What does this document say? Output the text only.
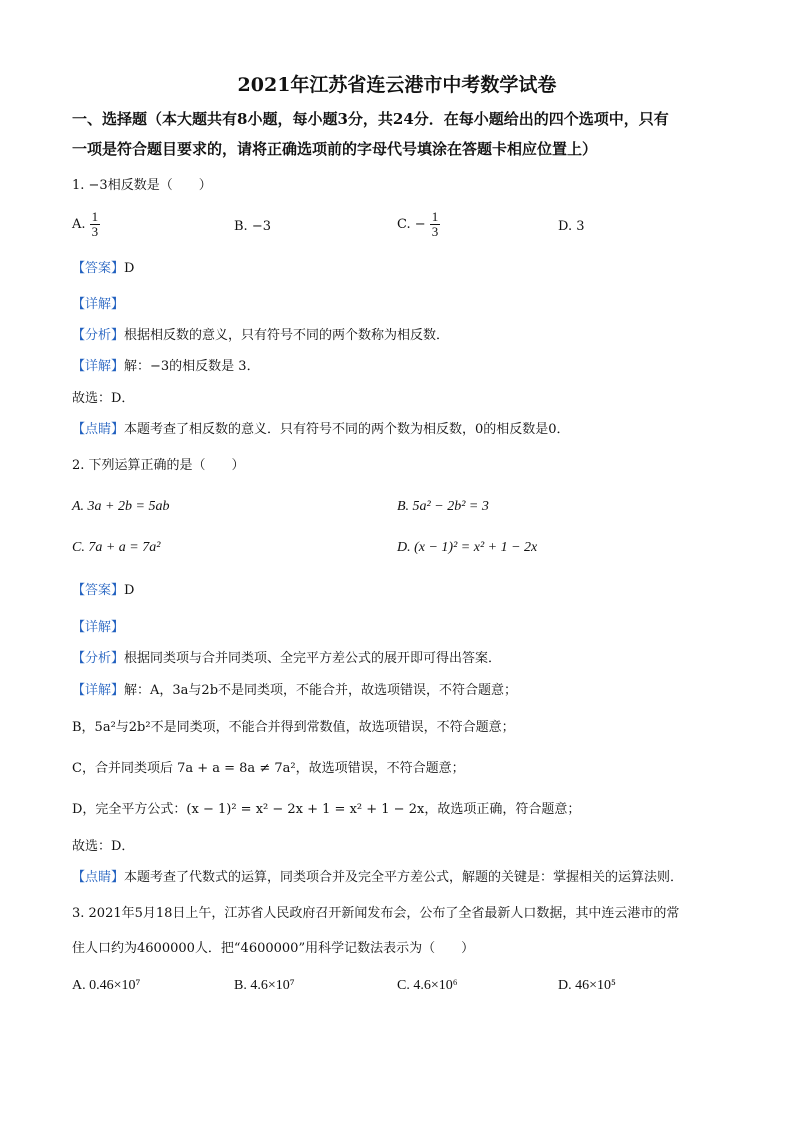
2021年江苏省连云港市中考数学试卷
一、选择题（本大题共有8小题，每小题3分，共24分．在每小题给出的四个选项中，只有
一项是符合题目要求的，请将正确选项前的字母代号填涂在答题卡相应位置上）
1. −3相反数是（　　）
A. $\frac{1}{3}$	B. −3	C. − $\frac{1}{3}$	D. 3
【答案】D
【详解】
【分析】根据相反数的意义，只有符号不同的两个数称为相反数．
【详解】解：−3的相反数是 3．
故选：D．
【点睛】本题考查了相反数的意义．只有符号不同的两个数为相反数，0的相反数是0．
2. 下列运算正确的是（　　）
A. 3a + 2b = 5ab	B. 5a² − 2b² = 3
C. 7a + a = 7a²	D. (x − 1)² = x² + 1 − 2x
【答案】D
【详解】
【分析】根据同类项与合并同类项、全完平方差公式的展开即可得出答案．
【详解】解：A，3a与2b不是同类项，不能合并，故选项错误，不符合题意；
B，5a²与2b²不是同类项，不能合并得到常数值，故选项错误，不符合题意；
C，合并同类项后 7a + a = 8a ≠ 7a²，故选项错误，不符合题意；
D，完全平方公式：(x − 1)² = x² − 2x + 1 = x² + 1 − 2x，故选项正确，符合题意；
故选：D．
【点睛】本题考查了代数式的运算，同类项合并及完全平方差公式，解题的关键是：掌握相关的运算法则．
3. 2021年5月18日上午，江苏省人民政府召开新闻发布会，公布了全省最新人口数据，其中连云港市的常
住人口约为4600000人．把“4600000”用科学记数法表示为（　　）
A. 0.46×10⁷	B. 4.6×10⁷	C. 4.6×10⁶	D. 46×10⁵
